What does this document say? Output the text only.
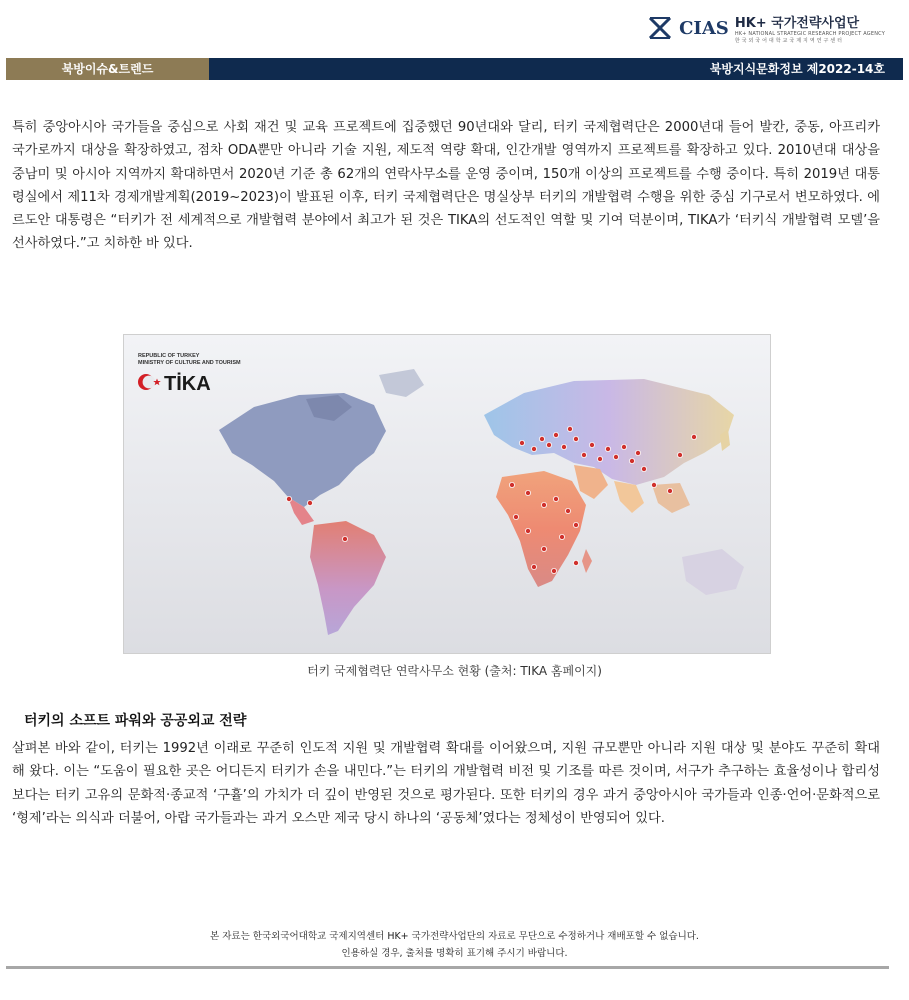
CIAS HK+ 국가전략사업단
HK+ NATIONAL STRATEGIC RESEARCH PROJECT AGENCY
한 국 외 국 어 대 학 교 국 제 지 역 연 구 센 터
북방이슈&트렌드	북방지식문화정보 제2022-14호

특히 중앙아시아 국가들을 중심으로 사회 재건 및 교육 프로젝트에 집중했던 90년대와 달리, 터키 국제협력단은 2000년대 들어 발칸, 중동, 아프리카 국가로까지 대상을 확장하였고, 점차 ODA뿐만 아니라 기술 지원, 제도적 역량 확대, 인간개발 영역까지 프로젝트를 확장하고 있다. 2010년대 대상을 중남미 및 아시아 지역까지 확대하면서 2020년 기준 총 62개의 연락사무소를 운영 중이며, 150개 이상의 프로젝트를 수행 중이다. 특히 2019년 대통령실에서 제11차 경제개발계획(2019~2023)이 발표된 이후, 터키 국제협력단은 명실상부 터키의 개발협력 수행을 위한 중심 기구로서 변모하였다. 에르도안 대통령은 “터키가 전 세계적으로 개발협력 분야에서 최고가 된 것은 TIKA의 선도적인 역할 및 기여 덕분이며, TIKA가 ‘터키식 개발협력 모델’을 선사하였다.”고 치하한 바 있다.

REPUBLIC OF TURKEY
MINISTRY OF CULTURE AND TOURISM
TİKA
터키 국제협력단 연락사무소 현황 (출처: TIKA 홈페이지)
터키의 소프트 파워와 공공외교 전략

살펴본 바와 같이, 터키는 1992년 이래로 꾸준히 인도적 지원 및 개발협력 확대를 이어왔으며, 지원 규모뿐만 아니라 지원 대상 및 분야도 꾸준히 확대해 왔다. 이는 “도움이 필요한 곳은 어디든지 터키가 손을 내민다.”는 터키의 개발협력 비전 및 기조를 따른 것이며, 서구가 추구하는 효율성이나 합리성보다는 터키 고유의 문화적·종교적 ‘구휼’의 가치가 더 깊이 반영된 것으로 평가된다. 또한 터키의 경우 과거 중앙아시아 국가들과 인종·언어·문화적으로 ‘형제’라는 의식과 더불어, 아랍 국가들과는 과거 오스만 제국 당시 하나의 ‘공동체’였다는 정체성이 반영되어 있다.

본 자료는 한국외국어대학교 국제지역센터 HK+ 국가전략사업단의 자료로 무단으로 수정하거나 재배포할 수 없습니다.
인용하실 경우, 출처를 명확히 표기해 주시기 바랍니다.
